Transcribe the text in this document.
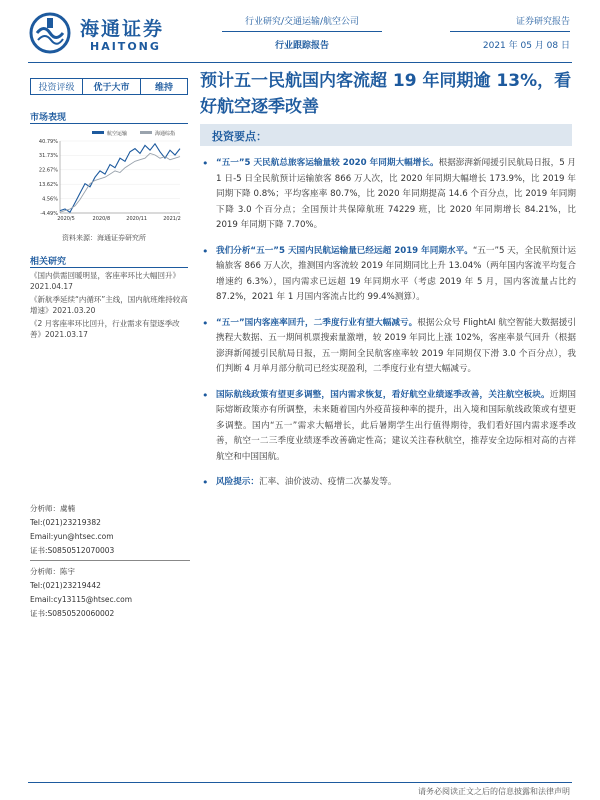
海通证券
HAITONG
行业研究/交通运输/航空公司
行业跟踪报告
证券研究报告
2021 年 05 月 08 日
投资评级	优于大市	维持	预计五一民航国内客流超 19 年同期逾 13%，看好航空逐季改善
市场表现
航空运输	海通综指
40.79%
31.73%
22.67%
13.62%
4.56%
-4.49%
2020/5	2020/8	2020/11	2021/2
资料来源：海通证券研究所
相关研究
《国内供需回暖明显，客座率环比大幅回升》2021.04.17
《新航季延续“内循环”主线，国内航班维持较高增速》2021.03.20
《2 月客座率环比回升，行业需求有望逐季改善》2021.03.17
分析师：虞楠
Tel:(021)23219382
Email:yun@htsec.com
证书:S0850512070003
分析师：陈宇
Tel:(021)23219442
Email:cy13115@htsec.com
证书:S0850520060002
投资要点：
• “五一”5 天民航总旅客运输量较 2020 年同期大幅增长。根据澎湃新闻援引民航局日报，5 月 1 日-5 日全民航预计运输旅客 866 万人次，比 2020 年同期大幅增长 173.9%，比 2019 年同期下降 0.8%；平均客座率 80.7%，比 2020 年同期提高 14.6 个百分点，比 2019 年同期下降 3.0 个百分点；全国预计共保障航班 74229 班，比 2020 年同期增长 84.21%，比 2019 年同期下降 7.70%。
• 我们分析“五一”5 天国内民航运输量已经远超 2019 年同期水平。“五一”5 天，全民航预计运输旅客 866 万人次，推测国内客流较 2019 年同期同比上升 13.04%（两年国内客流平均复合增速约 6.3%），国内需求已远超 19 年同期水平（考虑 2019 年 5 月，国内客流量占比约 87.2%，2021 年 1 月国内客流占比约 99.4%测算）。
• “五一”国内客座率回升，二季度行业有望大幅减亏。根据公众号 FlightAI 航空智能大数据援引携程大数据、五一期间机票搜索量激增，较 2019 年同比上涨 102%，客座率景气回升（根据澎湃新闻援引民航局日报，五一期间全民航客座率较 2019 年同期仅下滑 3.0 个百分点），我们判断 4 月单月部分航司已经实现盈利，二季度行业有望大幅减亏。
• 国际航线政策有望更多调整，国内需求恢复，看好航空业绩逐季改善，关注航空板块。近期国际熔断政策亦有所调整，未来随着国内外疫苗接种率的提升，出入境和国际航线政策或有望更多调整。国内“五一”需求大幅增长，此后暑期学生出行值得期待，我们看好国内需求逐季改善，航空一二三季度业绩逐季改善确定性高；建议关注春秋航空，推荐安全边际相对高的吉祥航空和中国国航。
• 风险提示：汇率、油价波动、疫情二次暴发等。
请务必阅读正文之后的信息披露和法律声明
